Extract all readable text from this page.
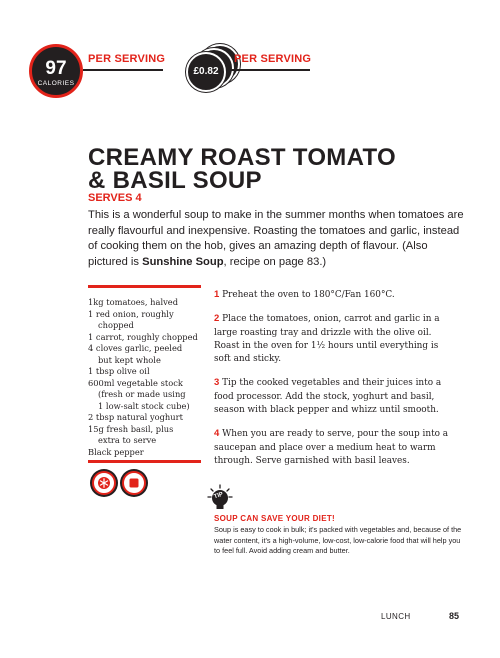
97
CALORIES
PER SERVING
£0.82
PER SERVING
CREAMY ROAST TOMATO
& BASIL SOUP
SERVES 4
This is a wonderful soup to make in the summer months when tomatoes are really flavourful and inexpensive. Roasting the tomatoes and garlic, instead of cooking them on the hob, gives an amazing depth of flavour. (Also pictured is Sunshine Soup, recipe on page 83.)
1kg tomatoes, halved
1 red onion, roughly
chopped
1 carrot, roughly chopped
4 cloves garlic, peeled
but kept whole
1 tbsp olive oil
600ml vegetable stock
(fresh or made using
1 low-salt stock cube)
2 tbsp natural yoghurt
15g fresh basil, plus
extra to serve
Black pepper
1 Preheat the oven to 180°C/Fan 160°C.
2 Place the tomatoes, onion, carrot and garlic in a large roasting tray and drizzle with the olive oil. Roast in the oven for 1½ hours until everything is soft and sticky.
3 Tip the cooked vegetables and their juices into a food processor. Add the stock, yoghurt and basil, season with black pepper and whizz until smooth.
4 When you are ready to serve, pour the soup into a saucepan and place over a medium heat to warm through. Serve garnished with basil leaves.
TIP
SOUP CAN SAVE YOUR DIET!
Soup is easy to cook in bulk; it's packed with vegetables and, because of the water content, it's a high-volume, low-cost, low-calorie food that will help you to feel full. Avoid adding cream and butter.
LUNCH	85
